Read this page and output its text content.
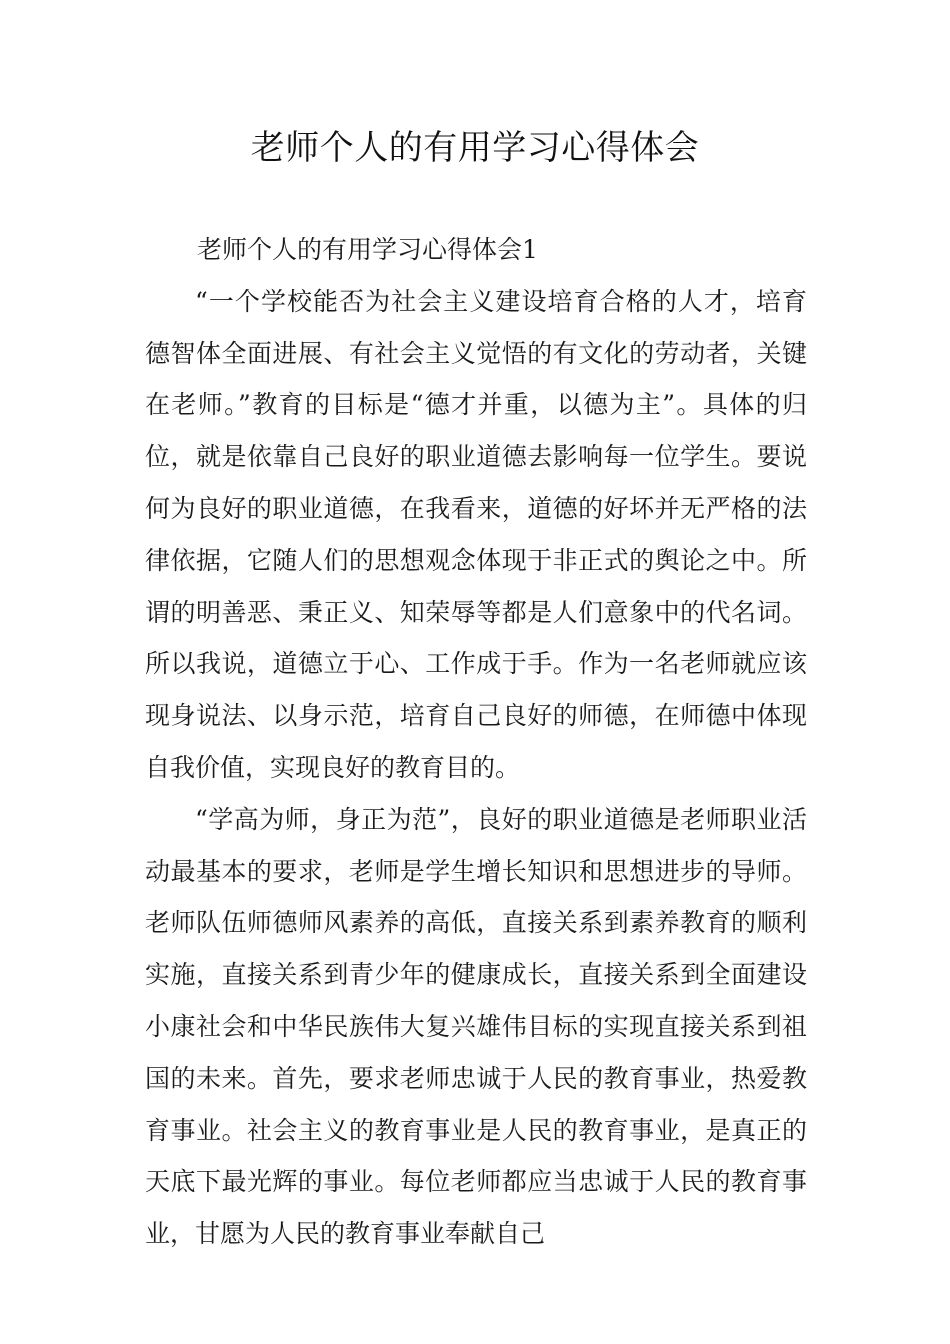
老师个人的有用学习心得体会

老师个人的有用学习心得体会1

“一个学校能否为社会主义建设培育合格的人才，培育德智体全面进展、有社会主义觉悟的有文化的劳动者，关键在老师。”教育的目标是“德才并重，以德为主”。具体的归位，就是依靠自己良好的职业道德去影响每一位学生。要说何为良好的职业道德，在我看来，道德的好坏并无严格的法律依据，它随人们的思想观念体现于非正式的舆论之中。所谓的明善恶、秉正义、知荣辱等都是人们意象中的代名词。所以我说，道德立于心、工作成于手。作为一名老师就应该现身说法、以身示范，培育自己良好的师德，在师德中体现自我价值，实现良好的教育目的。

“学高为师，身正为范”，良好的职业道德是老师职业活动最基本的要求，老师是学生增长知识和思想进步的导师。老师队伍师德师风素养的高低，直接关系到素养教育的顺利实施，直接关系到青少年的健康成长，直接关系到全面建设小康社会和中华民族伟大复兴雄伟目标的实现直接关系到祖国的未来。首先，要求老师忠诚于人民的教育事业，热爱教育事业。社会主义的教育事业是人民的教育事业，是真正的天底下最光辉的事业。每位老师都应当忠诚于人民的教育事业，甘愿为人民的教育事业奉献自己
